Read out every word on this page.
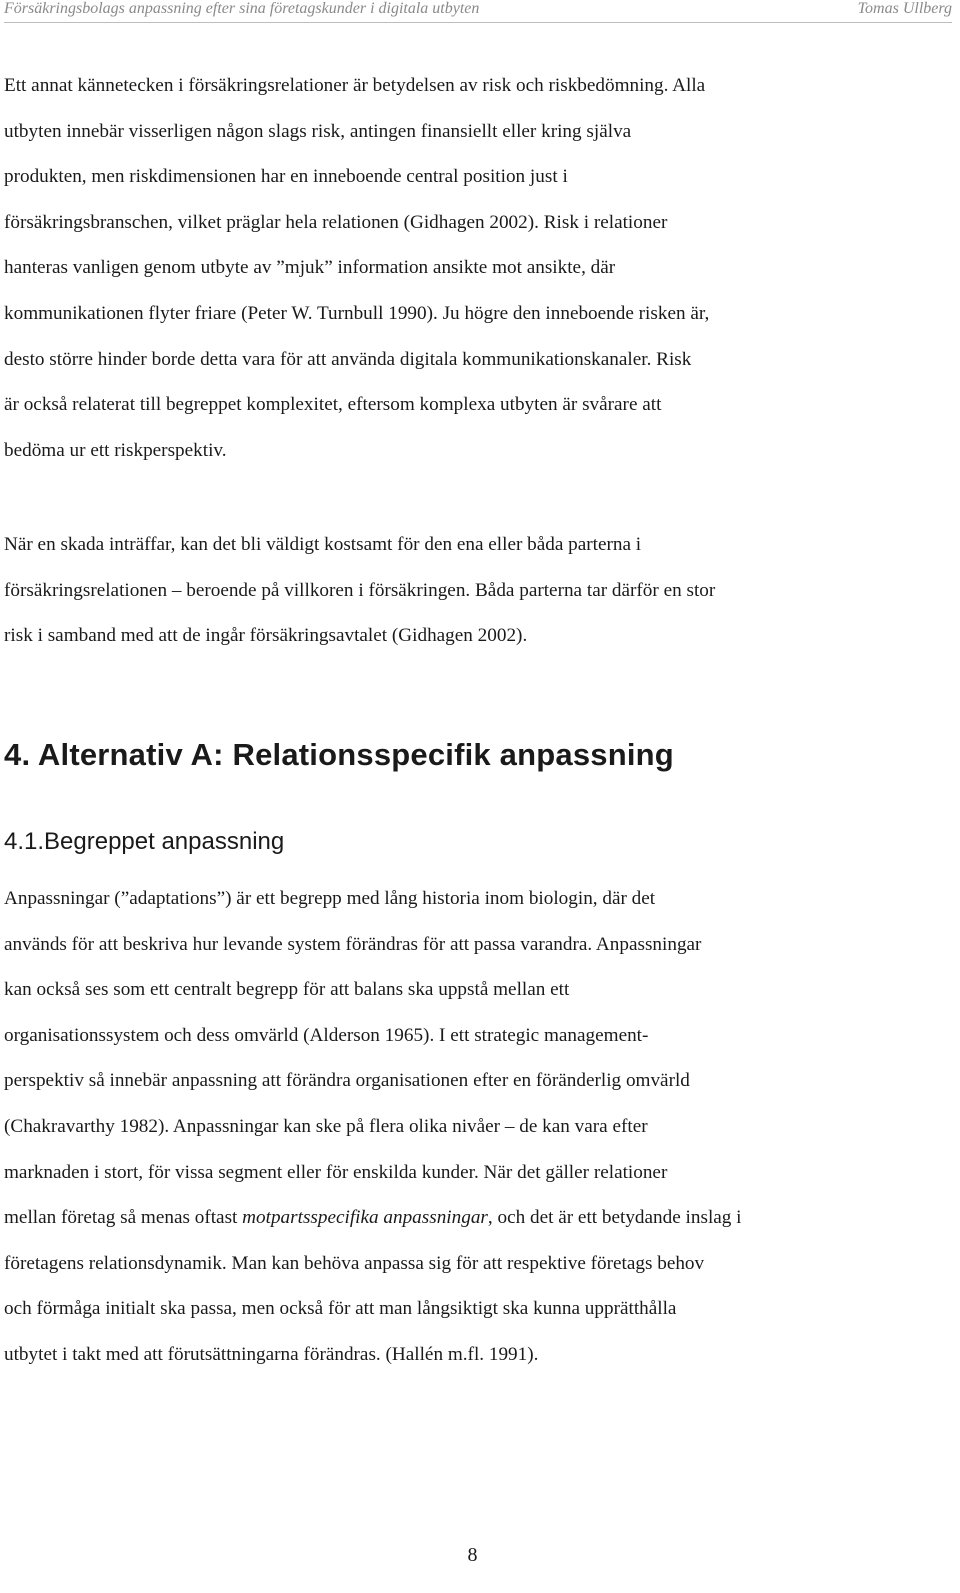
Försäkringsbolags anpassning efter sina företagskunder i digitala utbyten	Tomas Ullberg

Ett annat kännetecken i försäkringsrelationer är betydelsen av risk och riskbedömning. Alla
utbyten innebär visserligen någon slags risk, antingen finansiellt eller kring själva
produkten, men riskdimensionen har en inneboende central position just i
försäkringsbranschen, vilket präglar hela relationen (Gidhagen 2002). Risk i relationer
hanteras vanligen genom utbyte av ”mjuk” information ansikte mot ansikte, där
kommunikationen flyter friare (Peter W. Turnbull 1990). Ju högre den inneboende risken är,
desto större hinder borde detta vara för att använda digitala kommunikationskanaler. Risk
är också relaterat till begreppet komplexitet, eftersom komplexa utbyten är svårare att
bedöma ur ett riskperspektiv.

När en skada inträffar, kan det bli väldigt kostsamt för den ena eller båda parterna i
försäkringsrelationen – beroende på villkoren i försäkringen. Båda parterna tar därför en stor
risk i samband med att de ingår försäkringsavtalet (Gidhagen 2002).

4. Alternativ A: Relationsspecifik anpassning
4.1.Begreppet anpassning

Anpassningar (”adaptations”) är ett begrepp med lång historia inom biologin, där det
används för att beskriva hur levande system förändras för att passa varandra. Anpassningar
kan också ses som ett centralt begrepp för att balans ska uppstå mellan ett
organisationssystem och dess omvärld (Alderson 1965). I ett strategic management-
perspektiv så innebär anpassning att förändra organisationen efter en föränderlig omvärld
(Chakravarthy 1982). Anpassningar kan ske på flera olika nivåer – de kan vara efter
marknaden i stort, för vissa segment eller för enskilda kunder. När det gäller relationer
mellan företag så menas oftast motpartsspecifika anpassningar, och det är ett betydande inslag i
företagens relationsdynamik. Man kan behöva anpassa sig för att respektive företags behov
och förmåga initialt ska passa, men också för att man långsiktigt ska kunna upprätthålla
utbytet i takt med att förutsättningarna förändras. (Hallén m.fl. 1991).

8
